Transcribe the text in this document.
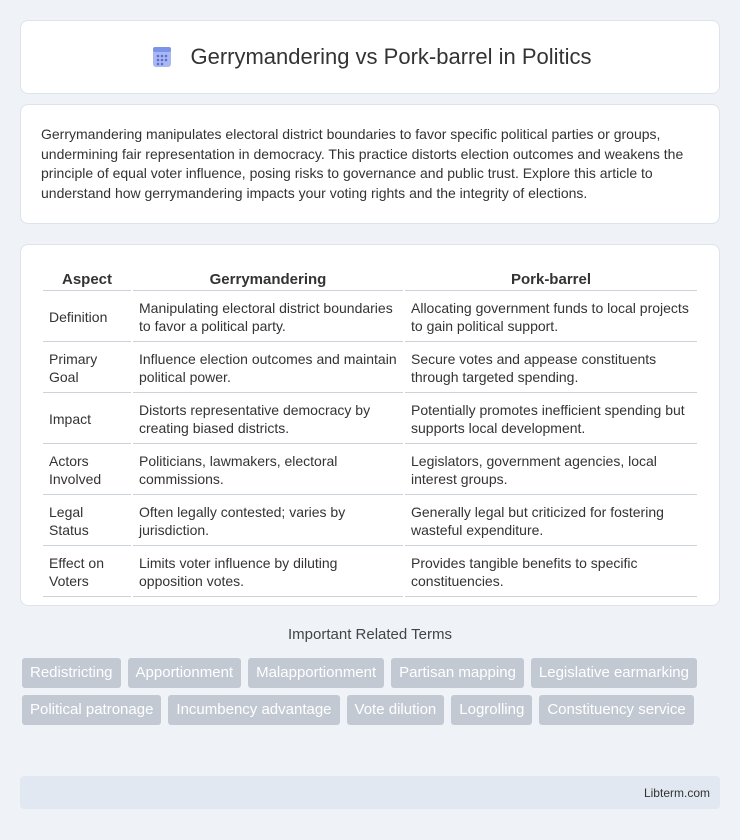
Gerrymandering vs Pork-barrel in Politics

Gerrymandering manipulates electoral district boundaries to favor specific political parties or groups, undermining fair representation in democracy. This practice distorts election outcomes and weakens the principle of equal voter influence, posing risks to governance and public trust. Explore this article to understand how gerrymandering impacts your voting rights and the integrity of elections.

Aspect	Gerrymandering	Pork-barrel
Definition	Manipulating electoral district boundaries to favor a political party.	Allocating government funds to local projects to gain political support.
Primary Goal	Influence election outcomes and maintain political power.	Secure votes and appease constituents through targeted spending.
Impact	Distorts representative democracy by creating biased districts.	Potentially promotes inefficient spending but supports local development.
Actors Involved	Politicians, lawmakers, electoral commissions.	Legislators, government agencies, local interest groups.
Legal Status	Often legally contested; varies by jurisdiction.	Generally legal but criticized for fostering wasteful expenditure.
Effect on Voters	Limits voter influence by diluting opposition votes.	Provides tangible benefits to specific constituencies.
Important Related Terms
Redistricting	Apportionment	Malapportionment	Partisan mapping	Legislative earmarking
Political patronage	Incumbency advantage	Vote dilution	Logrolling	Constituency service
Libterm.com
